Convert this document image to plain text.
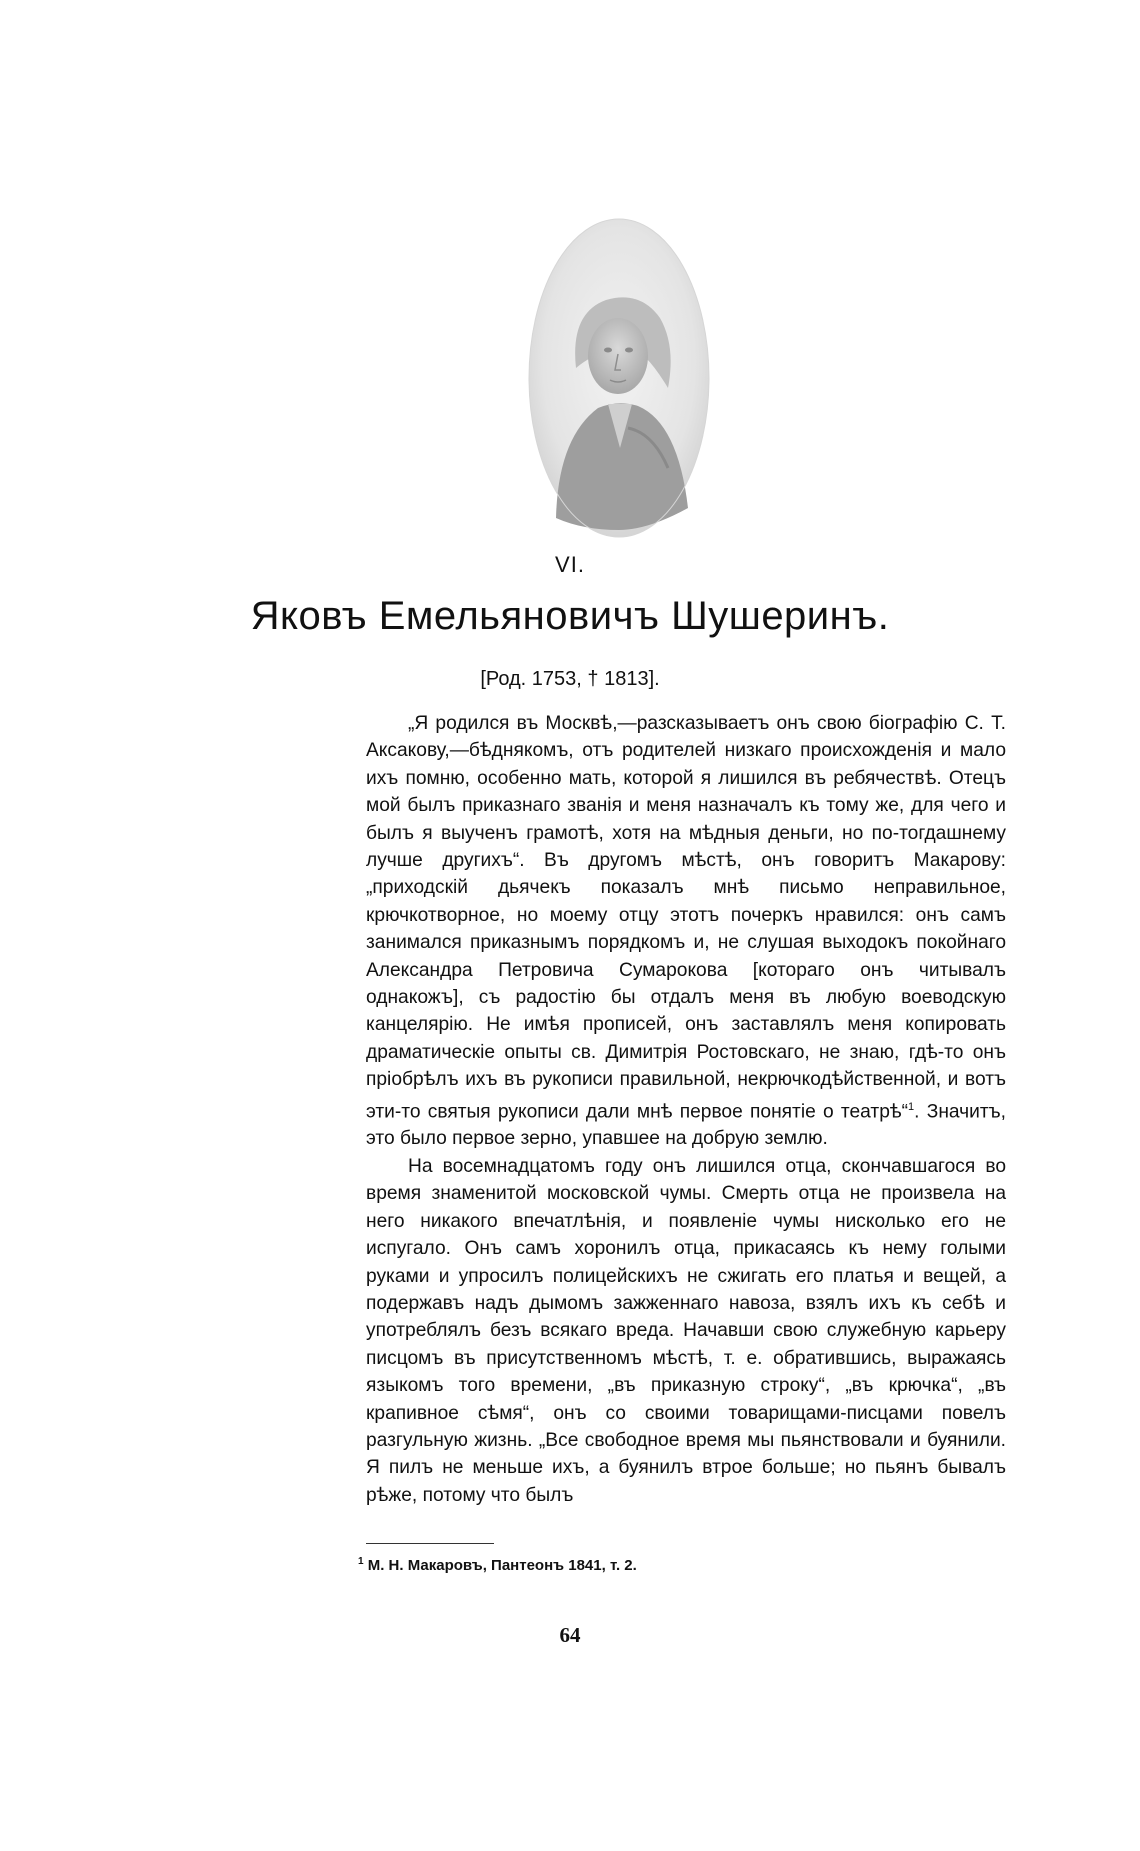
VI.
Яковъ Емельяновичъ Шушеринъ.
[Род. 1753, † 1813].

„Я родился въ Москвѣ,—разсказываетъ онъ свою біографію С. Т. Аксакову,—бѣднякомъ, отъ родителей низкаго происхожденія и мало ихъ помню, особенно мать, которой я лишился въ ребячествѣ. Отецъ мой былъ приказнаго званія и меня назначалъ къ тому же, для чего и былъ я выученъ грамотѣ, хотя на мѣдныя деньги, но по-тогдашнему лучше другихъ“. Въ другомъ мѣстѣ, онъ говоритъ Макарову: „приходскій дьячекъ показалъ мнѣ письмо неправильное, крючкотворное, но моему отцу этотъ почеркъ нравился: онъ самъ занимался приказнымъ порядкомъ и, не слушая выходокъ покойнаго Александра Петровича Сумарокова [котораго онъ читывалъ однакожъ], съ радостію бы отдалъ меня въ любую воеводскую канцелярію. Не имѣя прописей, онъ заставлялъ меня копировать драматическіе опыты св. Димитрія Ростовскаго, не знаю, гдѣ-то онъ пріобрѣлъ ихъ въ рукописи правильной, некрючкодѣйственной, и вотъ эти-то святыя рукописи дали мнѣ первое понятіе о театрѣ“$^1$. Значитъ, это было первое зерно, упавшее на добрую землю.

На восемнадцатомъ году онъ лишился отца, скончавшагося во время знаменитой московской чумы. Смерть отца не произвела на него никакого впечатлѣнія, и появленіе чумы нисколько его не испугало. Онъ самъ хоронилъ отца, прикасаясь къ нему голыми руками и упросилъ полицейскихъ не сжигать его платья и вещей, а подержавъ надъ дымомъ зажженнаго навоза, взялъ ихъ къ себѣ и употреблялъ безъ всякаго вреда. Начавши свою служебную карьеру писцомъ въ присутственномъ мѣстѣ, т. е. обратившись, выражаясь языкомъ того времени, „въ приказную строку“, „въ крючка“, „въ крапивное сѣмя“, онъ со своими товарищами-писцами повелъ разгульную жизнь. „Все свободное время мы пьянствовали и буянили. Я пилъ не меньше ихъ, а буянилъ втрое больше; но пьянъ бывалъ рѣже, потому что былъ

$^1$ М. Н. Макаровъ, Пантеонъ 1841, т. 2.
64
